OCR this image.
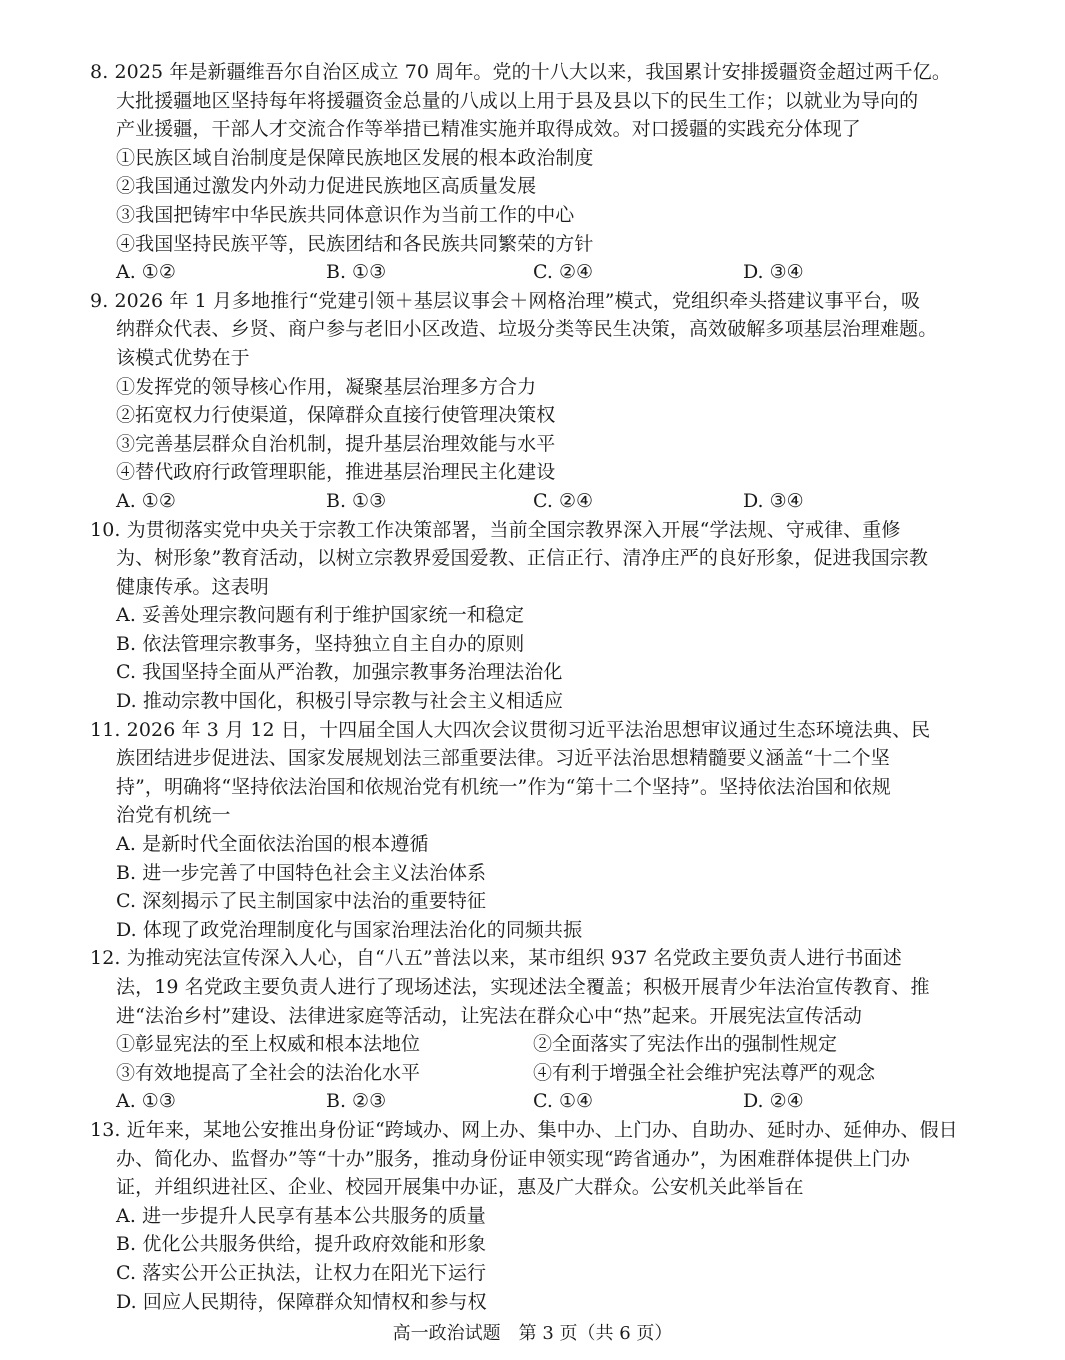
8. 2025 年是新疆维吾尔自治区成立 70 周年。党的十八大以来，我国累计安排援疆资金超过两千亿。
大批援疆地区坚持每年将援疆资金总量的八成以上用于县及县以下的民生工作；以就业为导向的
产业援疆，干部人才交流合作等举措已精准实施并取得成效。对口援疆的实践充分体现了
①民族区域自治制度是保障民族地区发展的根本政治制度
②我国通过激发内外动力促进民族地区高质量发展
③我国把铸牢中华民族共同体意识作为当前工作的中心
④我国坚持民族平等，民族团结和各民族共同繁荣的方针
A. ①②	B. ①③	C. ②④	D. ③④
9. 2026 年 1 月多地推行“党建引领＋基层议事会＋网格治理”模式，党组织牵头搭建议事平台，吸
纳群众代表、乡贤、商户参与老旧小区改造、垃圾分类等民生决策，高效破解多项基层治理难题。
该模式优势在于
①发挥党的领导核心作用，凝聚基层治理多方合力
②拓宽权力行使渠道，保障群众直接行使管理决策权
③完善基层群众自治机制，提升基层治理效能与水平
④替代政府行政管理职能，推进基层治理民主化建设
A. ①②	B. ①③	C. ②④	D. ③④
10. 为贯彻落实党中央关于宗教工作决策部署，当前全国宗教界深入开展“学法规、守戒律、重修
为、树形象”教育活动，以树立宗教界爱国爱教、正信正行、清净庄严的良好形象，促进我国宗教
健康传承。这表明
A. 妥善处理宗教问题有利于维护国家统一和稳定
B. 依法管理宗教事务，坚持独立自主自办的原则
C. 我国坚持全面从严治教，加强宗教事务治理法治化
D. 推动宗教中国化，积极引导宗教与社会主义相适应
11. 2026 年 3 月 12 日，十四届全国人大四次会议贯彻习近平法治思想审议通过生态环境法典、民
族团结进步促进法、国家发展规划法三部重要法律。习近平法治思想精髓要义涵盖“十二个坚
持”，明确将“坚持依法治国和依规治党有机统一”作为“第十二个坚持”。坚持依法治国和依规
治党有机统一
A. 是新时代全面依法治国的根本遵循
B. 进一步完善了中国特色社会主义法治体系
C. 深刻揭示了民主制国家中法治的重要特征
D. 体现了政党治理制度化与国家治理法治化的同频共振
12. 为推动宪法宣传深入人心，自“八五”普法以来，某市组织 937 名党政主要负责人进行书面述
法，19 名党政主要负责人进行了现场述法，实现述法全覆盖；积极开展青少年法治宣传教育、推
进“法治乡村”建设、法律进家庭等活动，让宪法在群众心中“热”起来。开展宪法宣传活动
①彰显宪法的至上权威和根本法地位	②全面落实了宪法作出的强制性规定
③有效地提高了全社会的法治化水平	④有利于增强全社会维护宪法尊严的观念
A. ①③	B. ②③	C. ①④	D. ②④
13. 近年来，某地公安推出身份证“跨域办、网上办、集中办、上门办、自助办、延时办、延伸办、假日
办、简化办、监督办”等“十办”服务，推动身份证申领实现“跨省通办”，为困难群体提供上门办
证，并组织进社区、企业、校园开展集中办证，惠及广大群众。公安机关此举旨在
A. 进一步提升人民享有基本公共服务的质量
B. 优化公共服务供给，提升政府效能和形象
C. 落实公开公正执法，让权力在阳光下运行
D. 回应人民期待，保障群众知情权和参与权
高一政治试题　第 3 页（共 6 页）
